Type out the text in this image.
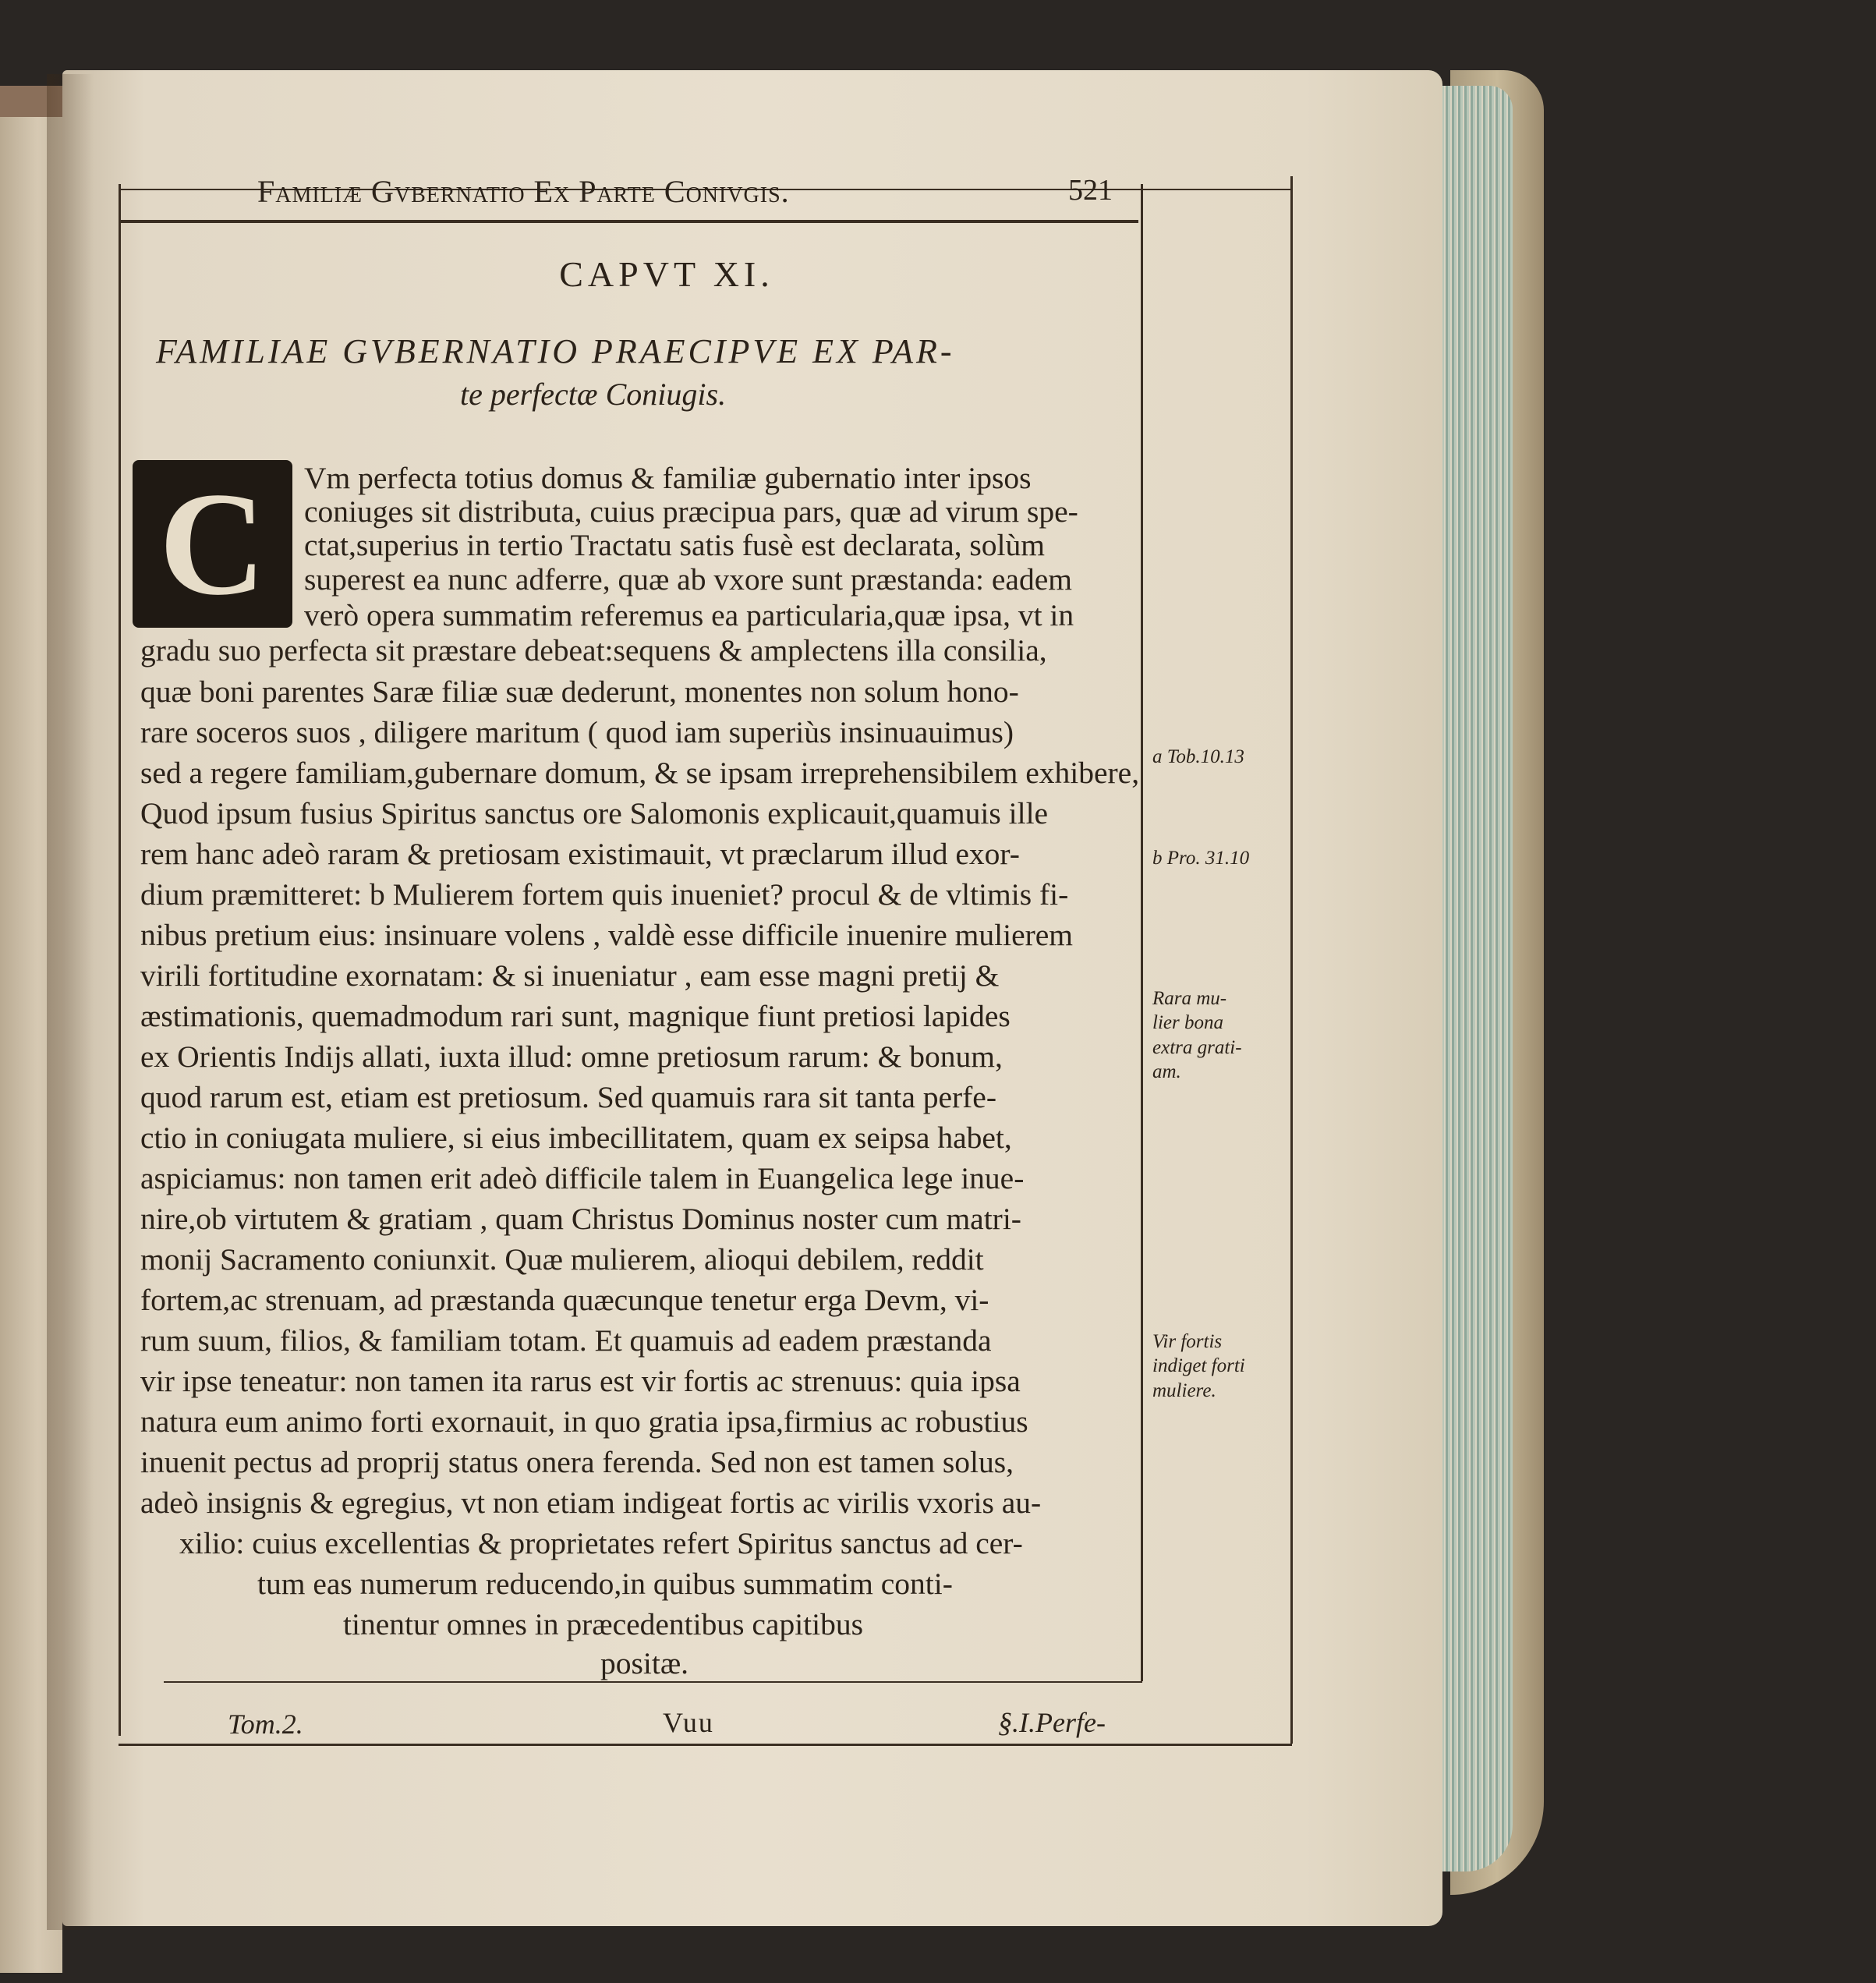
Familiæ Gvbernatio Ex Parte Conivgis.	521
CAPVT XI.
FAMILIAE GVBERNATIO PRAECIPVE EX PAR-
te perfectæ Coniugis.
C Vm perfecta totius domus & familiæ gubernatio inter ipsos
coniuges sit distributa, cuius præcipua pars, quæ ad virum spe-
ctat,superius in tertio Tractatu satis fusè est declarata, solùm
superest ea nunc adferre, quæ ab vxore sunt præstanda: eadem
verò opera summatim referemus ea particularia,quæ ipsa, vt in
gradu suo perfecta sit præstare debeat:sequens & amplectens illa consilia,
quæ boni parentes Saræ filiæ suæ dederunt, monentes non solum hono-
rare soceros suos , diligere maritum ( quod iam superiùs insinuauimus)
sed a regere familiam,gubernare domum, & se ipsam irreprehensibilem exhibere,
Quod ipsum fusius Spiritus sanctus ore Salomonis explicauit,quamuis ille
rem hanc adeò raram & pretiosam existimauit, vt præclarum illud exor-
dium præmitteret: b Mulierem fortem quis inueniet? procul & de vltimis fi-
nibus pretium eius: insinuare volens , valdè esse difficile inuenire mulierem
virili fortitudine exornatam: & si inueniatur , eam esse magni pretij &
æstimationis, quemadmodum rari sunt, magnique fiunt pretiosi lapides
ex Orientis Indijs allati, iuxta illud: omne pretiosum rarum: & bonum,
quod rarum est, etiam est pretiosum. Sed quamuis rara sit tanta perfe-
ctio in coniugata muliere, si eius imbecillitatem, quam ex seipsa habet,
aspiciamus: non tamen erit adeò difficile talem in Euangelica lege inue-
nire,ob virtutem & gratiam , quam Christus Dominus noster cum matri-
monij Sacramento coniunxit. Quæ mulierem, alioqui debilem, reddit
fortem,ac strenuam, ad præstanda quæcunque tenetur erga Devm, vi-
rum suum, filios, & familiam totam. Et quamuis ad eadem præstanda
vir ipse teneatur: non tamen ita rarus est vir fortis ac strenuus: quia ipsa
natura eum animo forti exornauit, in quo gratia ipsa,firmius ac robustius
inuenit pectus ad proprij status onera ferenda. Sed non est tamen solus,
adeò insignis & egregius, vt non etiam indigeat fortis ac virilis vxoris au-
xilio: cuius excellentias & proprietates refert Spiritus sanctus ad cer-
tum eas numerum reducendo,in quibus summatim conti-
tinentur omnes in præcedentibus capitibus
positæ.
a Tob.10.13
b Pro. 31.10
Rara mu-
lier bona
extra grati-
am.
Vir fortis
indiget forti
muliere.
Tom.2.	Vuu	§.I.Perfe-
